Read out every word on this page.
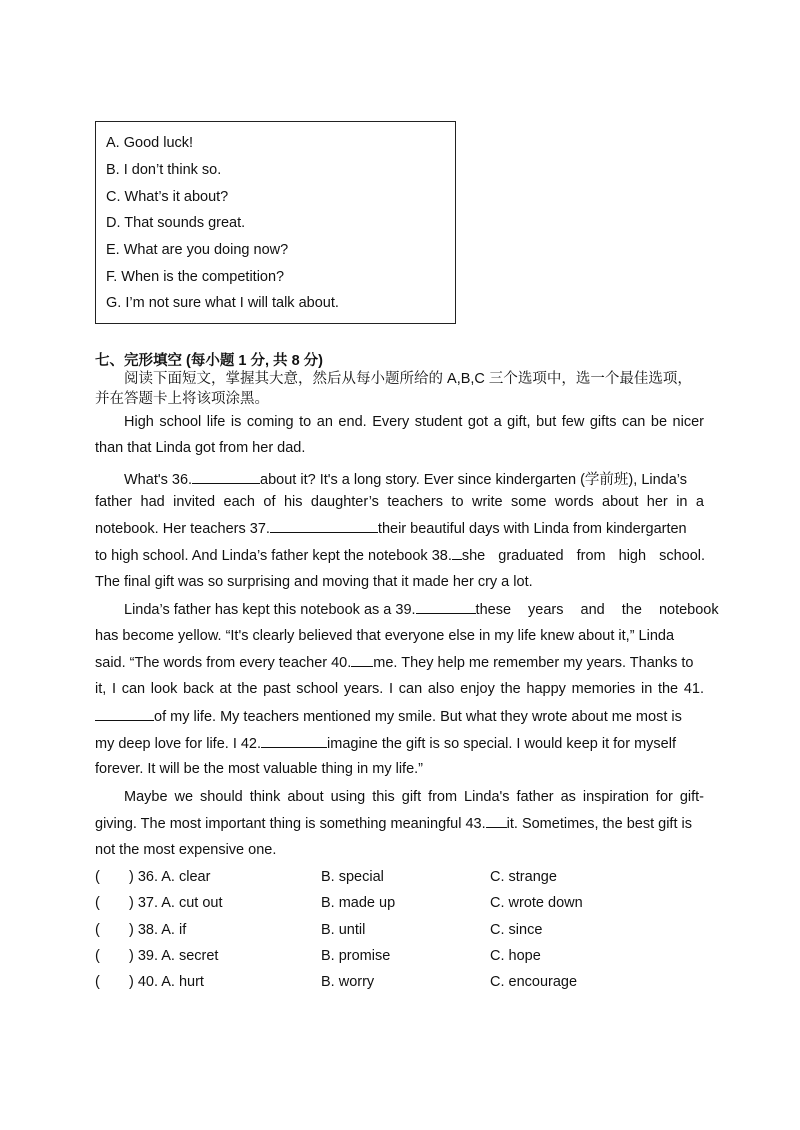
A. Good luck!
B. I don’t think so.
C. What’s it about?
D. That sounds great.
E. What are you doing now?
F. When is the competition?
G. I’m not sure what I will talk about.
七、完形填空 (每小题 1 分, 共 8 分)
阅读下面短文，掌握其大意，然后从每小题所给的 A,B,C 三个选项中，选一个最佳选项，
并在答题卡上将该项涂黑。
High school life is coming to an end. Every student got a gift, but few gifts can be nicer
than that Linda got from her dad.
What's 36.	about it? It's a long story. Ever since kindergarten (学前班), Linda’s
father had invited each of his daughter’s teachers to write some words about her in a
notebook. Her teachers 37.	their beautiful days with Linda from kindergarten
to high school. And Linda’s father kept the notebook 38. she graduated from high school.
The final gift was so surprising and moving that it made her cry a lot.
Linda’s father has kept this notebook as a 39.	these years and the notebook
has become yellow. “It's clearly believed that everyone else in my life knew about it,” Linda
said. “The words from every teacher 40. me. They help me remember my years. Thanks to
it, I can look back at the past school years. I can also enjoy the happy memories in the 41.
of my life. My teachers mentioned my smile. But what they wrote about me most is
my deep love for life. I 42.	imagine the gift is so special. I would keep it for myself
forever. It will be the most valuable thing in my life.”
Maybe we should think about using this gift from Linda's father as inspiration for gift-
giving. The most important thing is something meaningful 43. it. Sometimes, the best gift is
not the most expensive one.
( ) 36. A. clear	B. special	C. strange
( ) 37. A. cut out	B. made up	C. wrote down
( ) 38. A. if	B. until	C. since
( ) 39. A. secret	B. promise	C. hope
( ) 40. A. hurt	B. worry	C. encourage
